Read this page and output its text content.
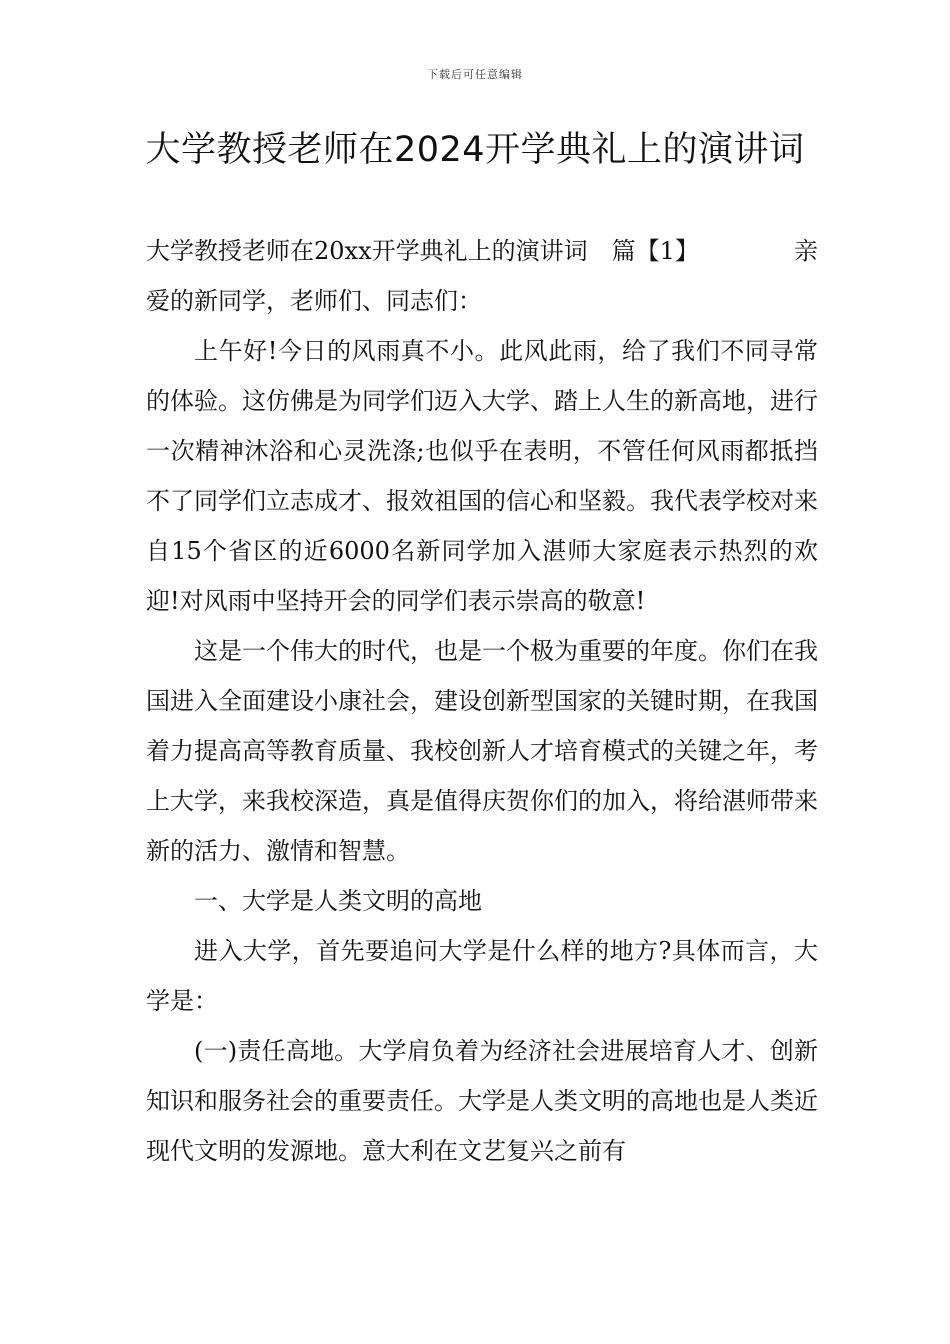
下载后可任意编辑
大学教授老师在2024开学典礼上的演讲词
大学教授老师在20xx开学典礼上的演讲词　篇【1】	亲

爱的新同学，老师们、同志们：

上午好!今日的风雨真不小。此风此雨，给了我们不同寻常的体验。这仿佛是为同学们迈入大学、踏上人生的新高地，进行一次精神沐浴和心灵洗涤;也似乎在表明，不管任何风雨都抵挡不了同学们立志成才、报效祖国的信心和坚毅。我代表学校对来自15个省区的近6000名新同学加入湛师大家庭表示热烈的欢迎!对风雨中坚持开会的同学们表示崇高的敬意!

这是一个伟大的时代，也是一个极为重要的年度。你们在我国进入全面建设小康社会，建设创新型国家的关键时期，在我国着力提高高等教育质量、我校创新人才培育模式的关键之年，考上大学，来我校深造，真是值得庆贺你们的加入，将给湛师带来新的活力、激情和智慧。

一、大学是人类文明的高地

进入大学，首先要追问大学是什么样的地方?具体而言，大学是：

(一)责任高地。大学肩负着为经济社会进展培育人才、创新知识和服务社会的重要责任。大学是人类文明的高地也是人类近现代文明的发源地。意大利在文艺复兴之前有
